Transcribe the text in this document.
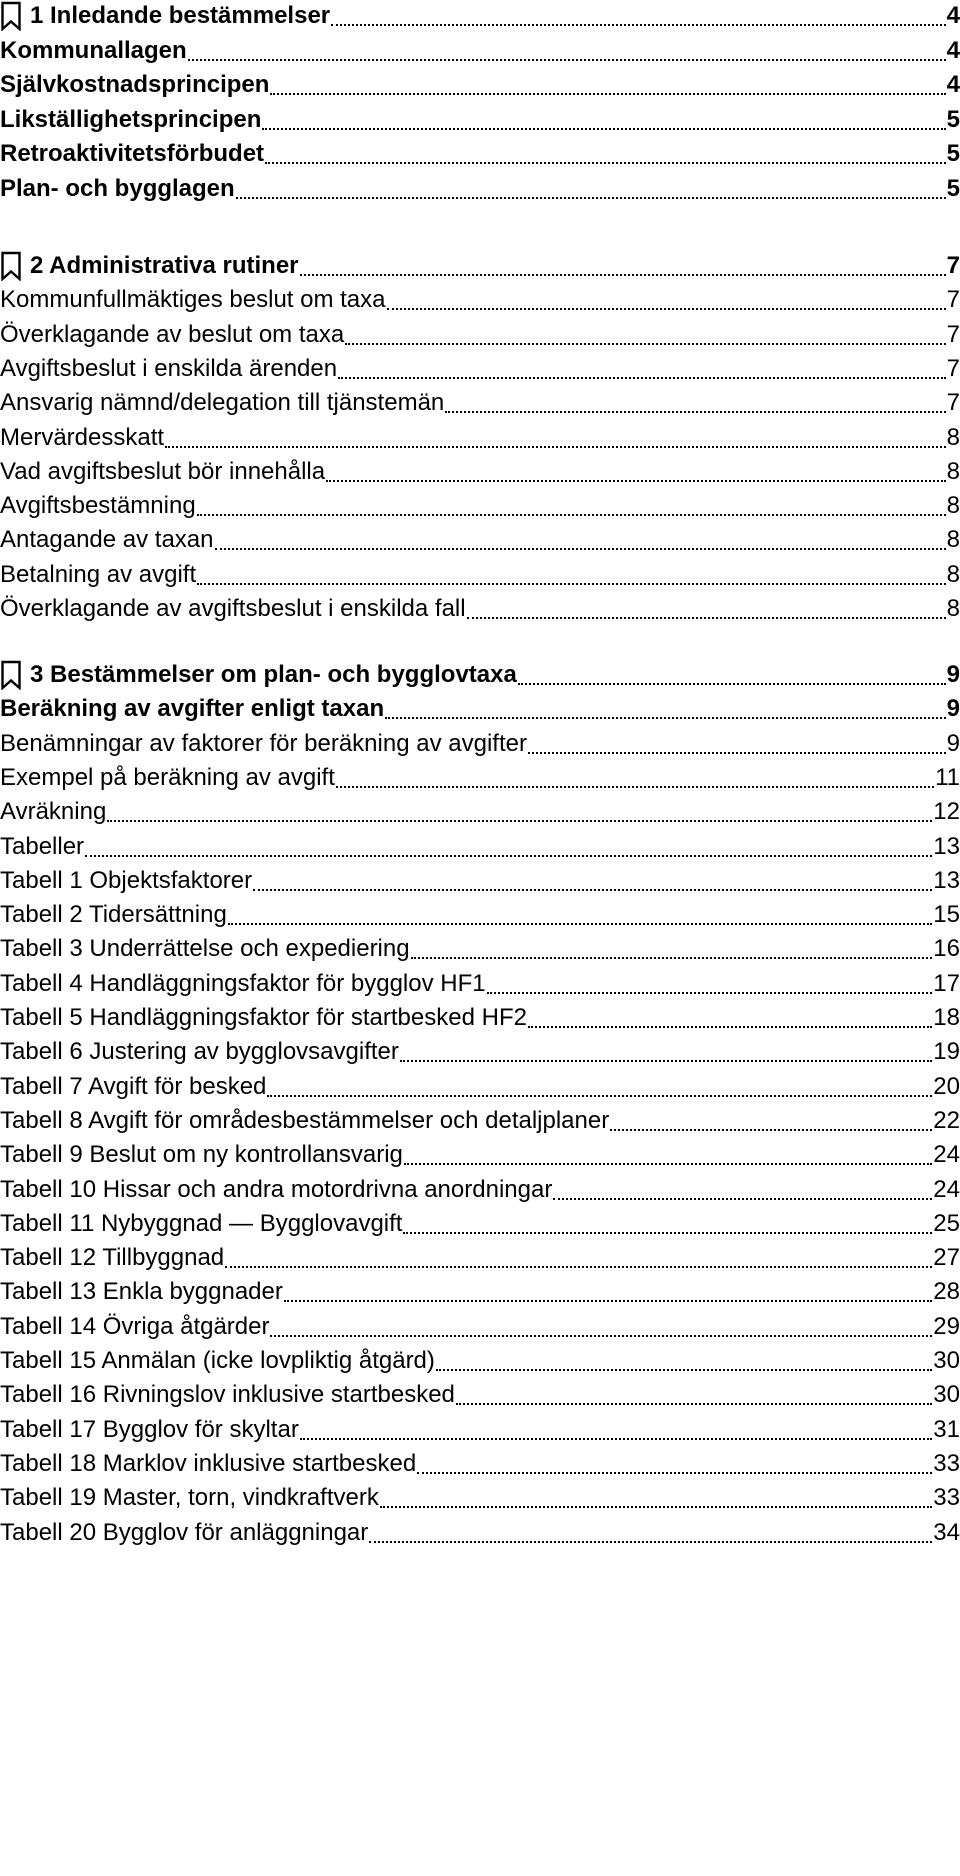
1 Inledande bestämmelser	4
Kommunallagen	4
Självkostnadsprincipen	4
Likställighetsprincipen	5
Retroaktivitetsförbudet	5
Plan- och bygglagen	5
2 Administrativa rutiner	7
Kommunfullmäktiges beslut om taxa	7
Överklagande av beslut om taxa	7
Avgiftsbeslut i enskilda ärenden	7
Ansvarig nämnd/delegation till tjänstemän	7
Mervärdesskatt	8
Vad avgiftsbeslut bör innehålla	8
Avgiftsbestämning	8
Antagande av taxan	8
Betalning av avgift	8
Överklagande av avgiftsbeslut i enskilda fall	8
3 Bestämmelser om plan- och bygglovtaxa	9
Beräkning av avgifter enligt taxan	9
Benämningar av faktorer för beräkning av avgifter	9
Exempel på beräkning av avgift	11
Avräkning	12
Tabeller	13
Tabell 1 Objektsfaktorer	13
Tabell 2 Tidersättning	15
Tabell 3 Underrättelse och expediering	16
Tabell 4 Handläggningsfaktor för bygglov HF1	17
Tabell 5 Handläggningsfaktor för startbesked HF2	18
Tabell 6 Justering av bygglovsavgifter	19
Tabell 7 Avgift för besked	20
Tabell 8 Avgift för områdesbestämmelser och detaljplaner	22
Tabell 9 Beslut om ny kontrollansvarig	24
Tabell 10 Hissar och andra motordrivna anordningar	24
Tabell 11 Nybyggnad — Bygglovavgift	25
Tabell 12 Tillbyggnad	27
Tabell 13 Enkla byggnader	28
Tabell 14 Övriga åtgärder	29
Tabell 15 Anmälan (icke lovpliktig åtgärd)	30
Tabell 16 Rivningslov inklusive startbesked	30
Tabell 17 Bygglov för skyltar	31
Tabell 18 Marklov inklusive startbesked	33
Tabell 19 Master, torn, vindkraftverk	33
Tabell 20 Bygglov för anläggningar	34
